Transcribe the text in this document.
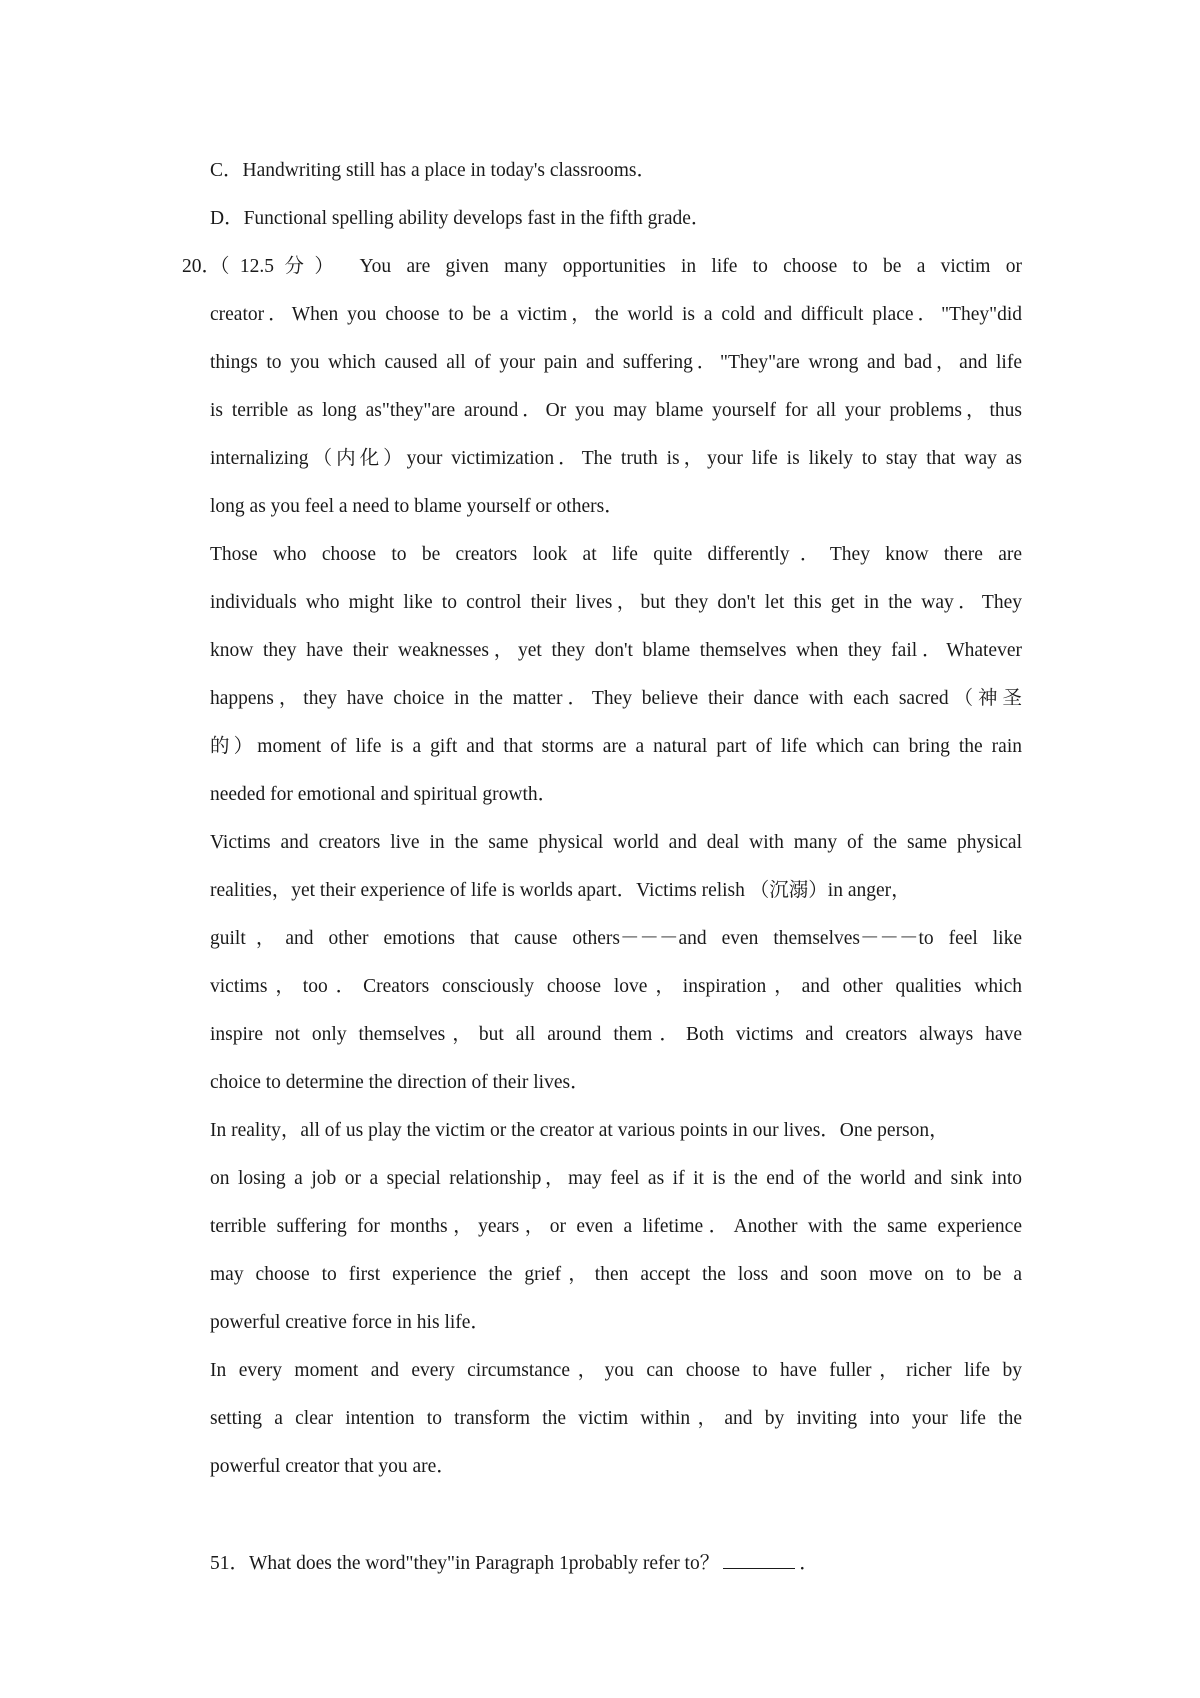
C．Handwriting still has a place in today's classrooms．
D．Functional spelling ability develops fast in the fifth grade．
20．
（12.5分） You are given many opportunities in life to choose to be a victim or
creator．When you choose to be a victim，the world is a cold and difficult place．"They"did
things to you which caused all of your pain and suffering．"They"are wrong and bad，and life
is terrible as long as"they"are around．Or you may blame yourself for all your problems，thus
internalizing（内化）your victimization．The truth is，your life is likely to stay that way as
long as you feel a need to blame yourself or others．
Those who choose to be creators look at life quite differently．They know there are
individuals who might like to control their lives，but they don't let this get in the way．They
know they have their weaknesses，yet they don't blame themselves when they fail．Whatever
happens，they have choice in the matter．They believe their dance with each sacred（神圣
的）moment of life is a gift and that storms are a natural part of life which can bring the rain
needed for emotional and spiritual growth．
Victims and creators live in the same physical world and deal with many of the same physical
realities，yet their experience of life is worlds apart．Victims relish （沉溺）in anger，
guilt，and other emotions that cause others－－－and even themselves－－－to feel like
victims，too．Creators consciously choose love，inspiration，and other qualities which
inspire not only themselves，but all around them．Both victims and creators always have
choice to determine the direction of their lives．
In reality，all of us play the victim or the creator at various points in our lives．One person，
on losing a job or a special relationship，may feel as if it is the end of the world and sink into
terrible suffering for months，years，or even a lifetime．Another with the same experience
may choose to first experience the grief，then accept the loss and soon move on to be a
powerful creative force in his life．
In every moment and every circumstance，you can choose to have fuller，richer life by
setting a clear intention to transform the victim within，and by inviting into your life the
powerful creator that you are．
51．What does the word"they"in Paragraph 1probably refer to？	．
